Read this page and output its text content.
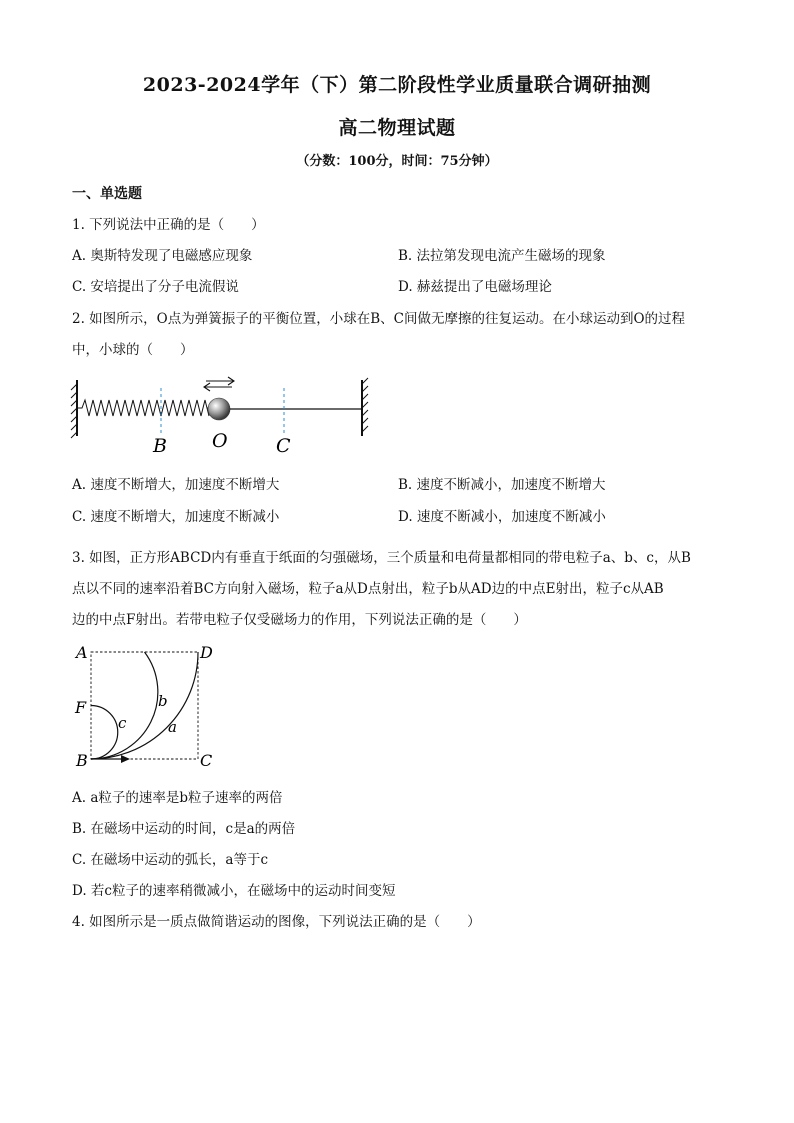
2023-2024学年（下）第二阶段性学业质量联合调研抽测
高二物理试题
（分数：100分，时间：75分钟）
一、单选题
1. 下列说法中正确的是（　　）
A. 奥斯特发现了电磁感应现象	B. 法拉第发现电流产生磁场的现象
C. 安培提出了分子电流假说	D. 赫兹提出了电磁场理论
2. 如图所示，O点为弹簧振子的平衡位置，小球在B、C间做无摩擦的往复运动。在小球运动到O的过程
中，小球的（　　）
B O	C
A. 速度不断增大，加速度不断增大	B. 速度不断减小，加速度不断增大
C. 速度不断增大，加速度不断减小	D. 速度不断减小，加速度不断减小
3. 如图，正方形ABCD内有垂直于纸面的匀强磁场，三个质量和电荷量都相同的带电粒子a、b、c，从B
点以不同的速率沿着BC方向射入磁场，粒子a从D点射出，粒子b从AD边的中点E射出，粒子c从AB
边的中点F射出。若带电粒子仅受磁场力的作用，下列说法正确的是（　　）
A	D
B	C
F
a
b
c
A. a粒子的速率是b粒子速率的两倍
B. 在磁场中运动的时间，c是a的两倍
C. 在磁场中运动的弧长，a等于c
D. 若c粒子的速率稍微减小，在磁场中的运动时间变短
4. 如图所示是一质点做简谐运动的图像，下列说法正确的是（　　）
